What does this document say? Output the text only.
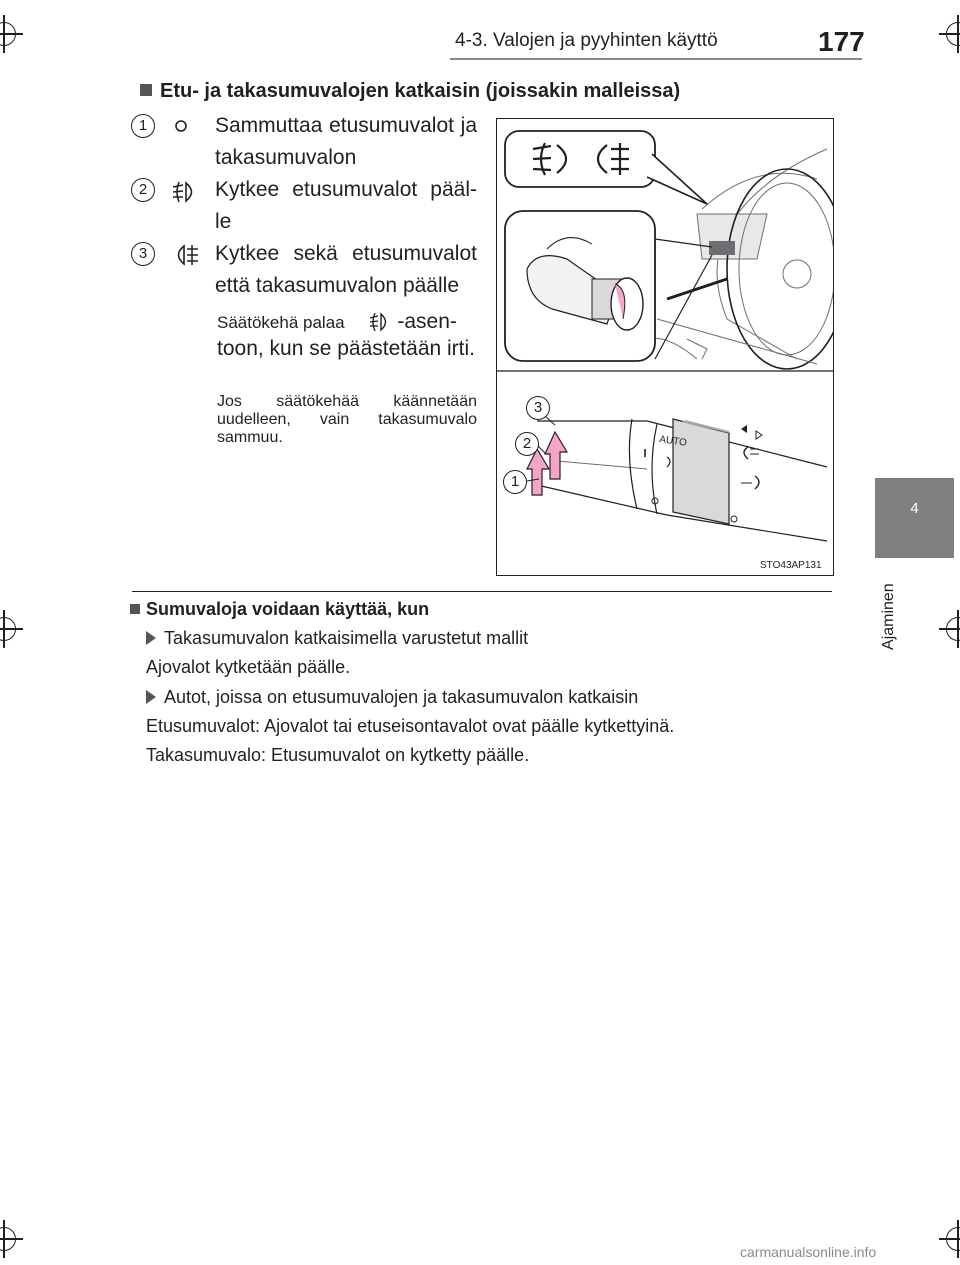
4-3. Valojen ja pyyhinten käyttö	177
4
Ajaminen
Etu- ja takasumuvalojen katkaisin (joissakin malleissa)
1	Sammuttaa etusumuvalot ja takasumuvalon
2	Kytkee etusumuvalot pääl-le
3	Kytkee sekä etusumuvalot että takasumuvalon päälle
Säätökehä palaa	-asen-
toon, kun se päästetään irti.
Jos säätökehää käännetään uudelleen, vain takasumuvalo sammuu.	AUTO
3
2
1
STO43AP131
Sumuvaloja voidaan käyttää, kun
Takasumuvalon katkaisimella varustetut mallit
Ajovalot kytketään päälle.
Autot, joissa on etusumuvalojen ja takasumuvalon katkaisin
Etusumuvalot: Ajovalot tai etuseisontavalot ovat päälle kytkettyinä.
Takasumuvalo: Etusumuvalot on kytketty päälle.
carmanualsonline.info
